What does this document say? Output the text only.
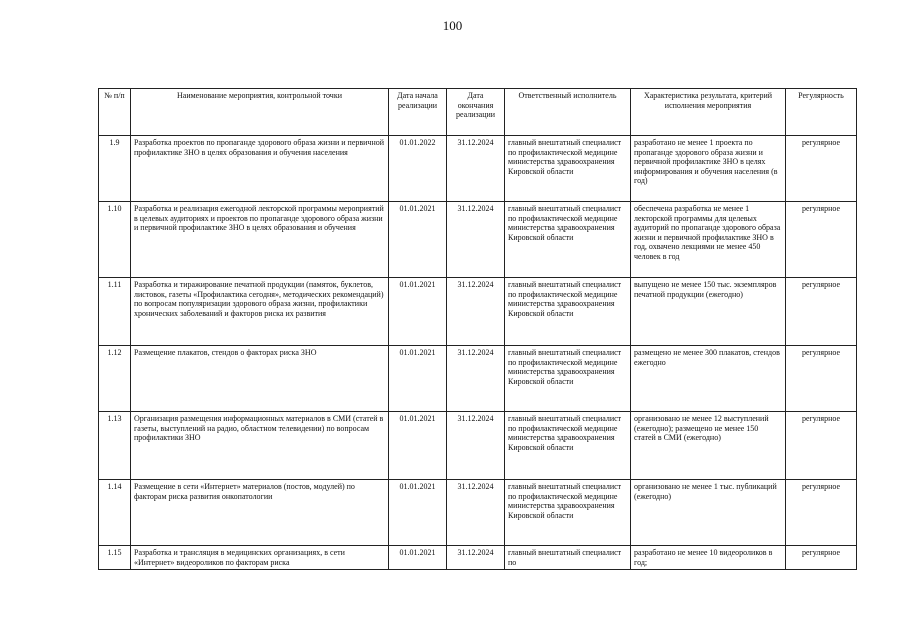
100
№ п/п	Наименование мероприятия, контрольной точки	Дата начала реализации	Дата окончания реализации	Ответственный исполнитель	Характеристика результата, критерий исполнения мероприятия	Регулярность
1.9	Разработка проектов по пропаганде здорового образа жизни и первичной профилактике ЗНО в целях образования и обучения населения	01.01.2022	31.12.2024	главный внештатный специалист по профилактической медицине министерства здравоохранения Кировской области	разработано не менее 1 проекта по пропаганде здорового образа жизни и первичной профилактике ЗНО в целях информирования и обучения населения (в год)	регулярное
1.10	Разработка и реализация ежегодной лекторской программы мероприятий в целевых аудиториях и проектов по пропаганде здорового образа жизни и первичной профилактике ЗНО в целях образования и обучения	01.01.2021	31.12.2024	главный внештатный специалист по профилактической медицине министерства здравоохранения Кировской области	обеспечена разработка не менее 1 лекторской программы для целевых аудиторий по пропаганде здорового образа жизни и первичной профилактике ЗНО в год, охвачено лекциями не менее 450 человек в год	регулярное
1.11	Разработка и тиражирование печатной продукции (памяток, буклетов, листовок, газеты «Профилактика сегодня», методических рекомендаций) по вопросам популяризации здорового образа жизни, профилактики хронических заболеваний и факторов риска их развития	01.01.2021	31.12.2024	главный внештатный специалист по профилактической медицине министерства здравоохранения Кировской области	выпущено не менее 150 тыс. экземпляров печатной продукции (ежегодно)	регулярное
1.12	Размещение плакатов, стендов о факторах риска ЗНО	01.01.2021	31.12.2024	главный внештатный специалист по профилактической медицине министерства здравоохранения Кировской области	размещено не менее 300 плакатов, стендов ежегодно	регулярное
1.13	Организация размещения информационных материалов в СМИ (статей в газеты, выступлений на радио, областном телевидении) по вопросам профилактики ЗНО	01.01.2021	31.12.2024	главный внештатный специалист по профилактической медицине министерства здравоохранения Кировской области	организовано не менее 12 выступлений (ежегодно); размещено не менее 150 статей в СМИ (ежегодно)	регулярное
1.14	Размещение в сети «Интернет» материалов (постов, модулей) по факторам риска развития онкопатологии	01.01.2021	31.12.2024	главный внештатный специалист по профилактической медицине министерства здравоохранения Кировской области	организовано не менее 1 тыс. публикаций (ежегодно)	регулярное
1.15	Разработка и трансляция в медицинских организациях, в сети «Интернет» видеороликов по факторам риска	01.01.2021	31.12.2024	главный внештатный специалист по	разработано не менее 10 видеороликов в год;	регулярное
